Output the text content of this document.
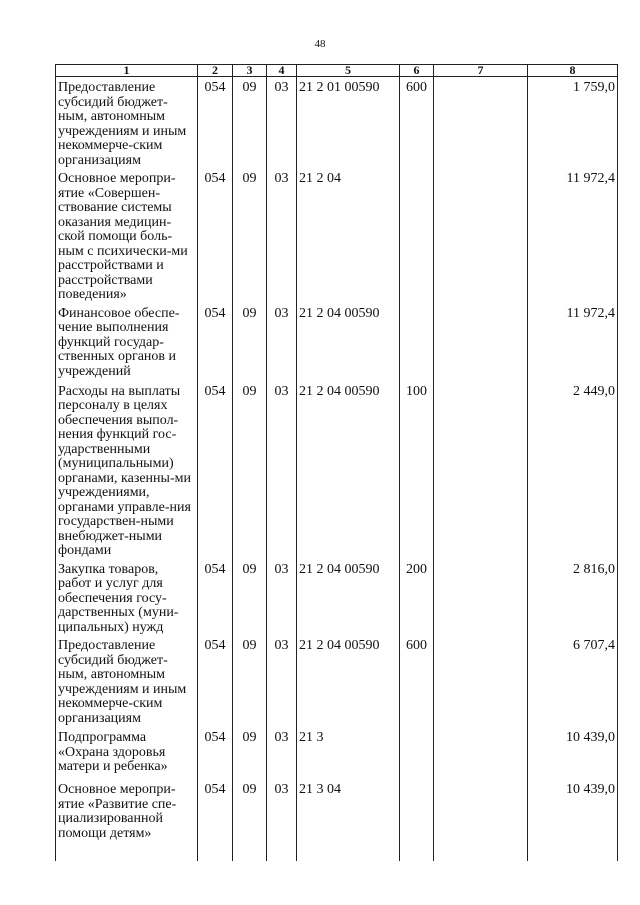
48
1	2	3	4	5	6	7	8
Предоставление субсидий бюджет-ным, автономным учреждениям и иным некоммерче-ским организациям	054	09	03	21 2 01 00590	600		1 759,0
Основное меропри-ятие «Совершен-ствование системы оказания медицин-ской помощи боль-ным с психически-ми расстройствами и расстройствами поведения»	054	09	03	21 2 04			11 972,4
Финансовое обеспе-чение выполнения функций государ-ственных органов и учреждений	054	09	03	21 2 04 00590			11 972,4
Расходы на выплаты персоналу в целях обеспечения выпол-нения функций гос-ударственными (муниципальными) органами, казенны-ми учреждениями, органами управле-ния государствен-ными внебюджет-ными фондами	054	09	03	21 2 04 00590	100		2 449,0
Закупка товаров, работ и услуг для обеспечения госу-дарственных (муни-ципальных) нужд	054	09	03	21 2 04 00590	200		2 816,0
Предоставление субсидий бюджет-ным, автономным учреждениям и иным некоммерче-ским организациям	054	09	03	21 2 04 00590	600		6 707,4
Подпрограмма «Охрана здоровья матери и ребенка»	054	09	03	21 3			10 439,0
Основное меропри-ятие «Развитие спе-циализированной помощи детям»	054	09	03	21 3 04			10 439,0
